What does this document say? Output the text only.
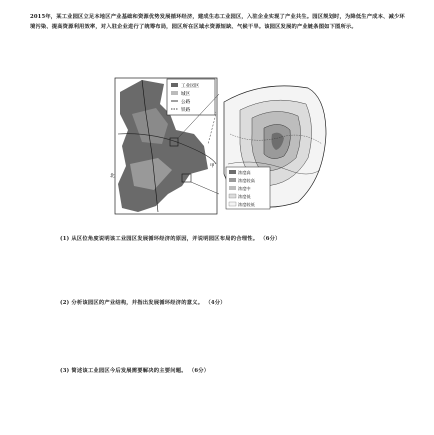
2015年，某工业园区立足本地区产业基础和资源优势发展循环经济，建成生态工业园区，入驻企业实现了产业共生。园区规划时，为降低生产成本、减少环境污染、提高资源利用效率，对入驻企业进行了统筹布局，园区所在区域水资源短缺、气候干旱。该园区发展的产业链条图如下图所示。
工业园区
城区
公路
铁路
北
甲
浓度高
浓度较高
浓度中
浓度低
浓度较低
(1) 从区位角度说明该工业园区发展循环经济的原因，并说明园区布局的合理性。 （6分）
(2) 分析该园区的产业结构，并指出发展循环经济的意义。 （4分）
(3) 简述该工业园区今后发展需要解决的主要问题。 （6分）
